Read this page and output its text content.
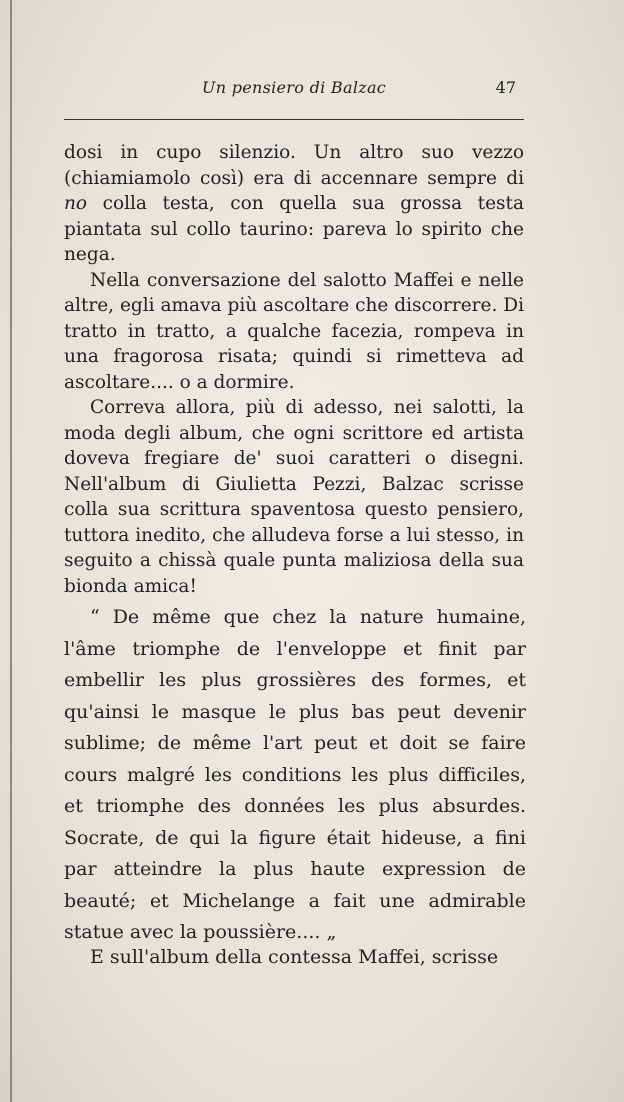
Un pensiero di Balzac	47

dosi in cupo silenzio. Un altro suo vezzo (chiamiamolo così) era di accennare sempre di no colla testa, con quella sua grossa testa piantata sul collo taurino: pareva lo spirito che nega.

Nella conversazione del salotto Maffei e nelle altre, egli amava più ascoltare che discorrere. Di tratto in tratto, a qualche facezia, rompeva in una fragorosa risata; quindi si rimetteva ad ascoltare.... o a dormire.

Correva allora, più di adesso, nei salotti, la moda degli album, che ogni scrittore ed artista doveva fregiare de' suoi caratteri o disegni. Nell'album di Giulietta Pezzi, Balzac scrisse colla sua scrittura spaventosa questo pensiero, tuttora inedito, che alludeva forse a lui stesso, in seguito a chissà quale punta maliziosa della sua bionda amica!

“ De même que chez la nature humaine, l'âme triomphe de l'enveloppe et finit par embellir les plus grossières des formes, et qu'ainsi le masque le plus bas peut devenir sublime; de même l'art peut et doit se faire cours malgré les conditions les plus difficiles, et triomphe des données les plus absurdes. Socrate, de qui la figure était hideuse, a fini par atteindre la plus haute expression de beauté; et Michelange a fait une admirable statue avec la poussière.... „

E sull'album della contessa Maffei, scrisse
